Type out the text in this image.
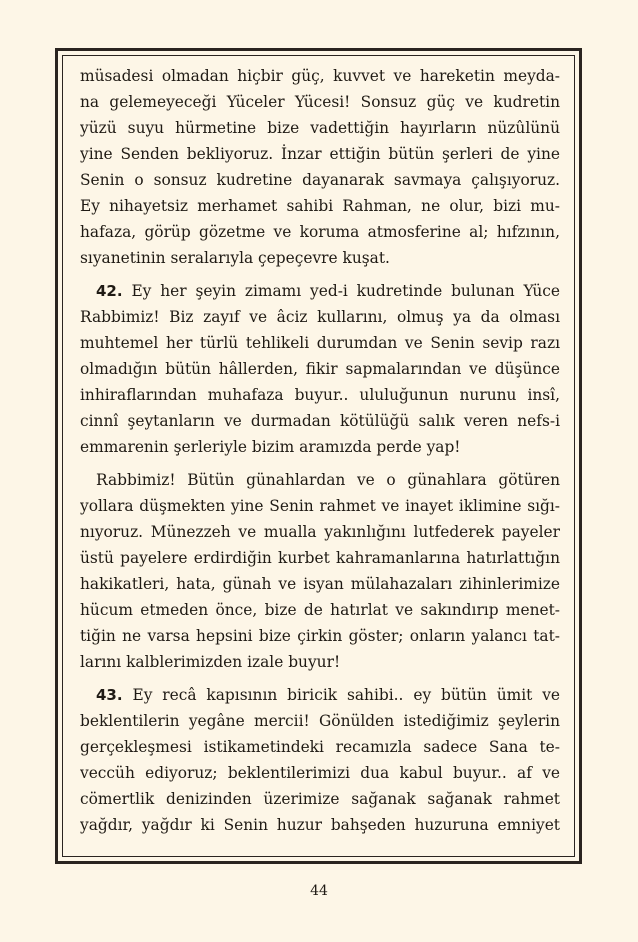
müsadesi olmadan hiçbir güç, kuvvet ve hareketin meyda-
na gelemeyeceği Yüceler Yücesi! Sonsuz güç ve kudretin
yüzü suyu hürmetine bize vadettiğin hayırların nüzûlünü
yine Senden bekliyoruz. İnzar ettiğin bütün şerleri de yine
Senin o sonsuz kudretine dayanarak savmaya çalışıyoruz.
Ey nihayetsiz merhamet sahibi Rahman, ne olur, bizi mu-
hafaza, görüp gözetme ve koruma atmosferine al; hıfzının,
sıyanetinin seralarıyla çepeçevre kuşat.
42. Ey her şeyin zimamı yed-i kudretinde bulunan Yüce
Rabbimiz! Biz zayıf ve âciz kullarını, olmuş ya da olması
muhtemel her türlü tehlikeli durumdan ve Senin sevip razı
olmadığın bütün hâllerden, fikir sapmalarından ve düşünce
inhiraflarından muhafaza buyur.. ululuğunun nurunu insî,
cinnî şeytanların ve durmadan kötülüğü salık veren nefs-i
emmarenin şerleriyle bizim aramızda perde yap!
Rabbimiz! Bütün günahlardan ve o günahlara götüren
yollara düşmekten yine Senin rahmet ve inayet iklimine sığı-
nıyoruz. Münezzeh ve mualla yakınlığını lutfederek payeler
üstü payelere erdirdiğin kurbet kahramanlarına hatırlattığın
hakikatleri, hata, günah ve isyan mülahazaları zihinlerimize
hücum etmeden önce, bize de hatırlat ve sakındırıp menet-
tiğin ne varsa hepsini bize çirkin göster; onların yalancı tat-
larını kalblerimizden izale buyur!
43. Ey recâ kapısının biricik sahibi.. ey bütün ümit ve
beklentilerin yegâne mercii! Gönülden istediğimiz şeylerin
gerçekleşmesi istikametindeki recamızla sadece Sana te-
veccüh ediyoruz; beklentilerimizi dua kabul buyur.. af ve
cömertlik denizinden üzerimize sağanak sağanak rahmet
yağdır, yağdır ki Senin huzur bahşeden huzuruna emniyet
44
